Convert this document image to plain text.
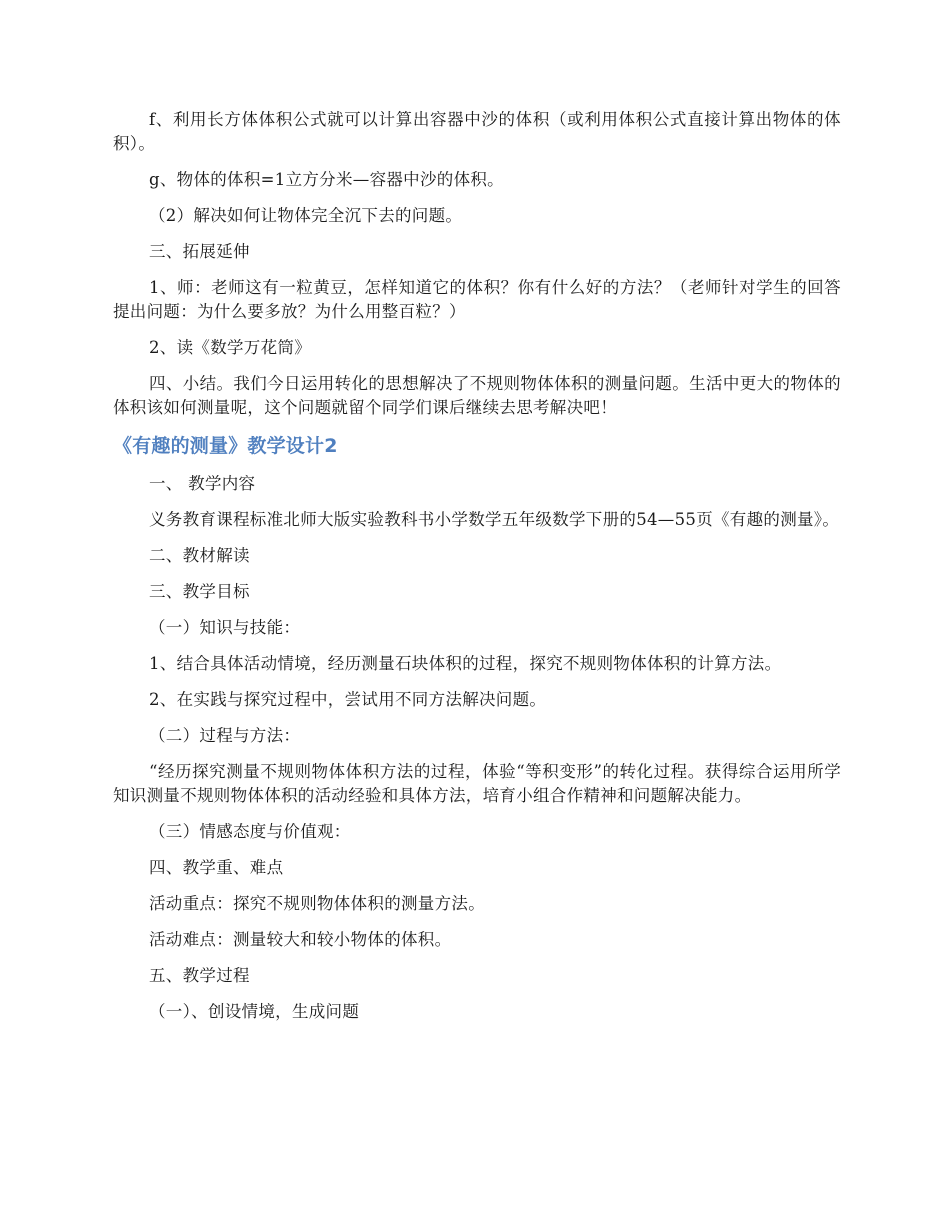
f、利用长方体体积公式就可以计算出容器中沙的体积（或利用体积公式直接计算出物体的体积）。

g、物体的体积=1立方分米—容器中沙的体积。

（2）解决如何让物体完全沉下去的问题。

三、拓展延伸

1、师：老师这有一粒黄豆，怎样知道它的体积？你有什么好的方法？（老师针对学生的回答提出问题：为什么要多放？为什么用整百粒？）

2、读《数学万花筒》

四、小结。我们今日运用转化的思想解决了不规则物体体积的测量问题。生活中更大的物体的体积该如何测量呢，这个问题就留个同学们课后继续去思考解决吧！

《有趣的测量》教学设计2

一、 教学内容

义务教育课程标准北师大版实验教科书小学数学五年级数学下册的54—55页《有趣的测量》。

二、教材解读

三、教学目标

（一）知识与技能：

1、结合具体活动情境，经历测量石块体积的过程，探究不规则物体体积的计算方法。

2、在实践与探究过程中，尝试用不同方法解决问题。

（二）过程与方法：

“经历探究测量不规则物体体积方法的过程，体验“等积变形”的转化过程。获得综合运用所学知识测量不规则物体体积的活动经验和具体方法，培育小组合作精神和问题解决能力。

（三）情感态度与价值观：

四、教学重、难点

活动重点：探究不规则物体体积的测量方法。

活动难点：测量较大和较小物体的体积。

五、教学过程

（一）、创设情境，生成问题
